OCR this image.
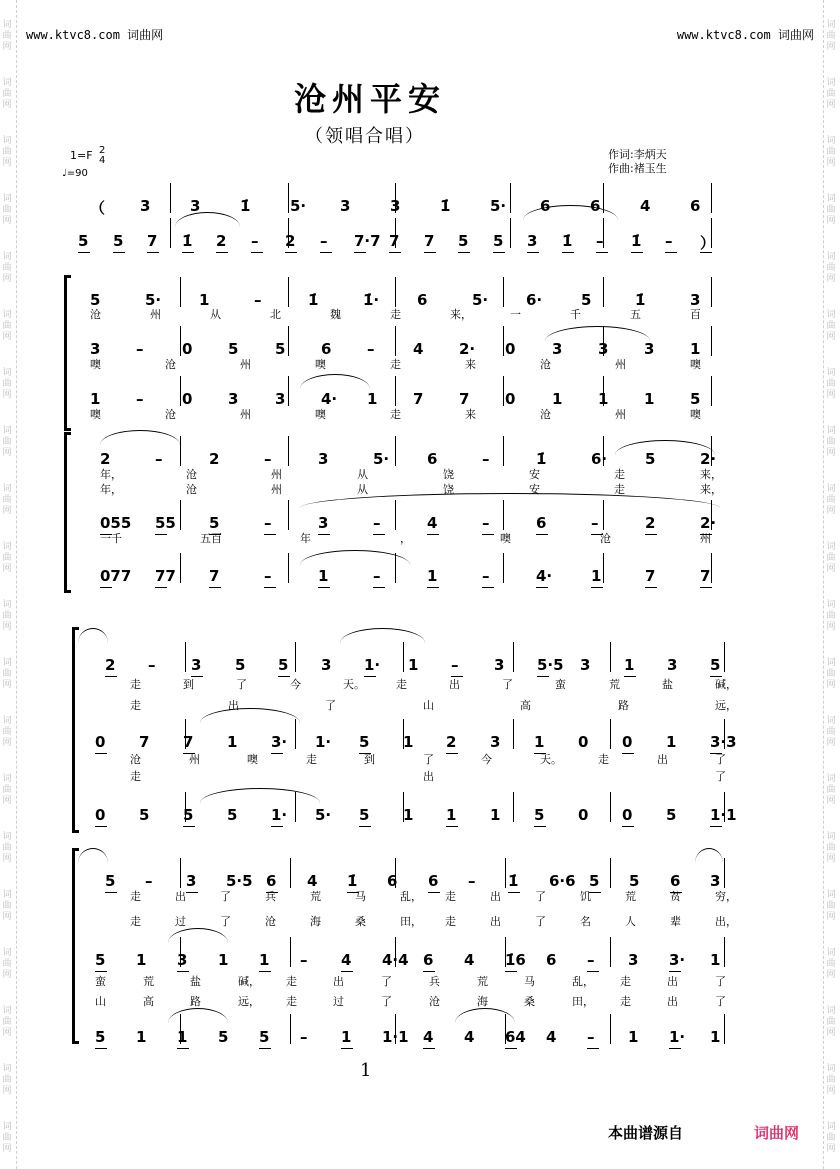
词
曲
网
词
曲
网
词
曲
网
词
曲
网
词
曲
网
词
曲
网
词
曲
网
词
曲
网
词
曲
网
词
曲
网
词
曲
网
词
曲
网
词
曲
网
词
曲
网
词
曲
网
词
曲
网
词
曲
网
词
曲
网
词
曲
网
词
曲
网
词
曲
网
词
曲
网
词
曲
网
词
曲
网
词
曲
网
词
曲
网
词
曲
网
词
曲
网
词
曲
网
词
曲
网
词
曲
网
词
曲
网
词
曲
网
词
曲
网
词
曲
网
词
曲
网
词
曲
网
词
曲
网
词
曲
网
词
曲
网
www.ktvc8.com 词曲网	www.ktvc8.com 词曲网
沧州平安
（领唱合唱）
1=F 2
4
♩=90
作词:李炳天
作曲:褚玉生
（ 3	3	1̇	5· 3	3	1̇	5· 6	6	4	6
5 5 7 1̇ 2 – 2 – 7·7 7 7 5 5 3 1̇ – 1̇ – ）
5	5·	1	–	1̇	1̇·	6	5·	6·	5	1̇	3
沧	州	从	北	魏	走	来，	一	千	五	百
3 –	0 5 5 6 –	4 2· 0 3 3 3 1
噢	沧	州	噢	走	来	沧	州	噢
1 –	0 3 3 4· 1 7 7 0 1 1 1 5
噢	沧	州	噢	走	来	沧	州	噢
2	–	2	–	3	5·	6	–	1̇	6·	5	2·
年，	沧	州	从	饶	安	走	来，
年，	沧	州	从	饶	安	走	来，
055 55 5	–	3	–	4	–	6	–	2	2·
一千	五百	年	，	噢	沧	州
077 77 7	–	1	–	1	–	4·	1	7	7
2 – 3 5 5 3 1· 1 – 3 5·5 3 1 3 5
走	到	了	今	天。	走	出	了	蛮	荒	盐	碱，
走	出	了	山	高	路	远，
0 7 7 1 3· 1· 5 1 2 3 1 0 0 1 3·3
沧	州	噢	走	到	了	今	天。	走	出	了
走	出	了
0 5 5 5 1· 5· 5 1 1 1 5 0 0 5 1·1
5 – 3 5·5 6 4 1̇ 6 6 – 1̇ 6·6 5 5 6 3
走	出	了	兵	荒	马	乱， 走	出	了	饥	荒	贫	穷，
走	过	了	沧	海	桑	田， 走	出	了	名	人	辈	出，
5 1 3 1 1 – 4 4·4 6 4 1̇6 6 – 3 3· 1
蛮	荒	盐	碱， 走	出	了	兵	荒	马	乱， 走	出	了
山	高	路	远， 走	过	了	沧	海	桑	田， 走	出	了
5 1 1 5 5 – 1 1·1 4 4 64 4 – 1 1· 1
1
本曲谱源自	词曲网
